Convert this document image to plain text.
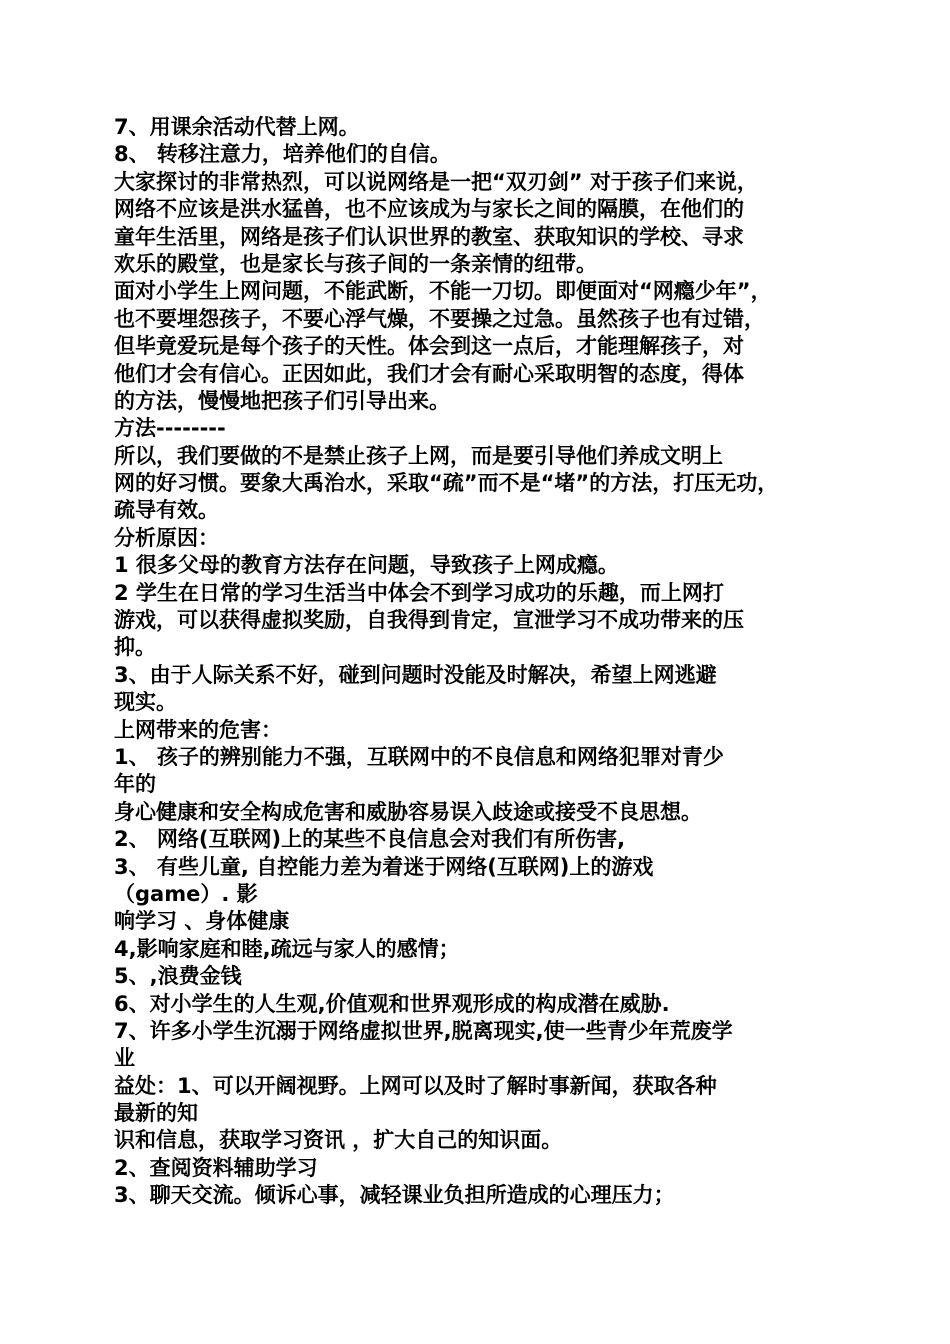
7、用课余活动代替上网。
8、 转移注意力，培养他们的自信。
大家探讨的非常热烈，可以说网络是一把“双刃剑” 对于孩子们来说，
网络不应该是洪水猛兽，也不应该成为与家长之间的隔膜，在他们的
童年生活里，网络是孩子们认识世界的教室、获取知识的学校、寻求
欢乐的殿堂，也是家长与孩子间的一条亲情的纽带。
面对小学生上网问题，不能武断，不能一刀切。即便面对“网瘾少年”，
也不要埋怨孩子，不要心浮气燥，不要操之过急。虽然孩子也有过错，
但毕竟爱玩是每个孩子的天性。体会到这一点后，才能理解孩子，对
他们才会有信心。正因如此，我们才会有耐心采取明智的态度，得体
的方法，慢慢地把孩子们引导出来。
方法--------
所以，我们要做的不是禁止孩子上网，而是要引导他们养成文明上
网的好习惯。要象大禹治水，采取“疏”而不是“堵”的方法，打压无功，
疏导有效。
分析原因：
1 很多父母的教育方法存在问题，导致孩子上网成瘾。
2 学生在日常的学习生活当中体会不到学习成功的乐趣，而上网打
游戏，可以获得虚拟奖励，自我得到肯定，宣泄学习不成功带来的压
抑。
3、由于人际关系不好，碰到问题时没能及时解决，希望上网逃避
现实。
上网带来的危害：
1、 孩子的辨别能力不强，互联网中的不良信息和网络犯罪对青少
年的
身心健康和安全构成危害和威胁容易误入歧途或接受不良思想。
2、 网络(互联网)上的某些不良信息会对我们有所伤害,
3、 有些儿童, 自控能力差为着迷于网络(互联网)上的游戏
（game）. 影
响学习 、身体健康
4,影响家庭和睦,疏远与家人的感情；
5、,浪费金钱
6、对小学生的人生观,价值观和世界观形成的构成潜在威胁.
7、许多小学生沉溺于网络虚拟世界,脱离现实,使一些青少年荒废学
业
益处：1、可以开阔视野。上网可以及时了解时事新闻，获取各种
最新的知
识和信息，获取学习资讯 ，扩大自己的知识面。
2、查阅资料辅助学习
3、聊天交流。倾诉心事，减轻课业负担所造成的心理压力；
